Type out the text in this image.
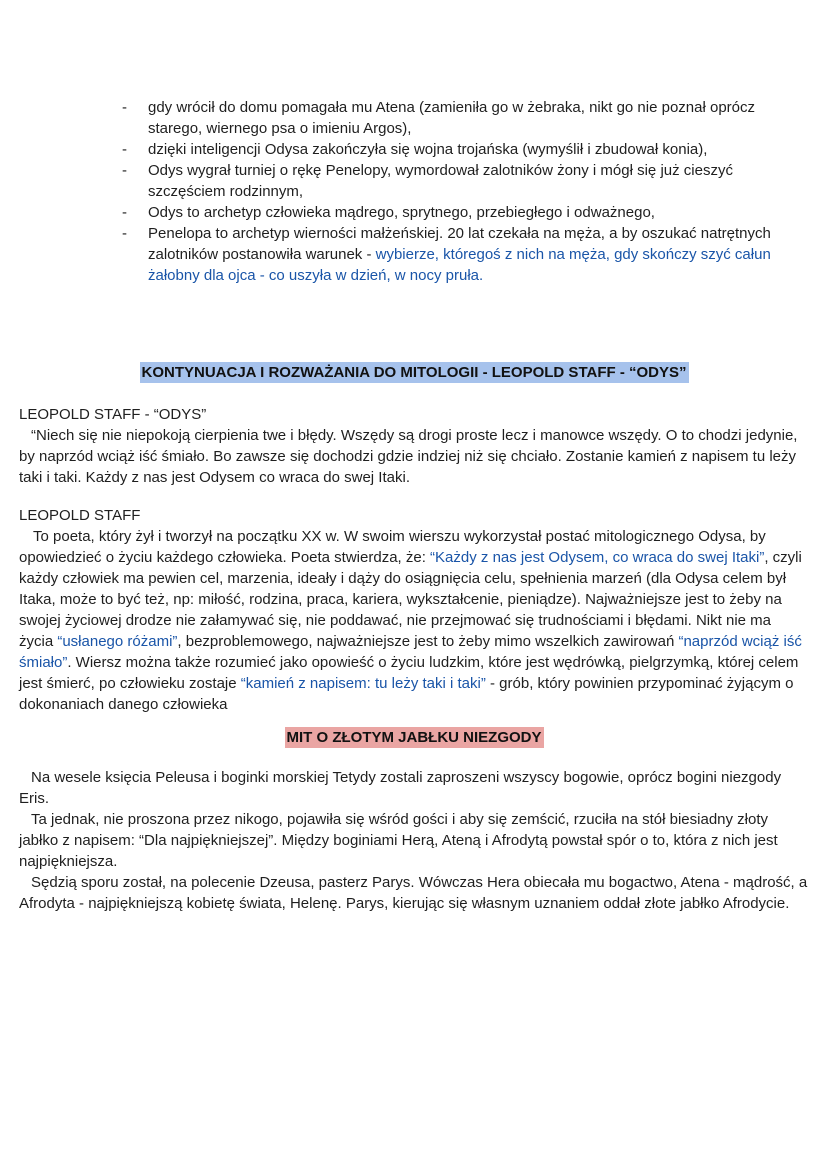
- gdy wrócił do domu pomagała mu Atena (zamieniła go w żebraka, nikt go nie poznał oprócz starego, wiernego psa o imieniu Argos),
- dzięki inteligencji Odysa zakończyła się wojna trojańska (wymyślił i zbudował konia),
- Odys wygrał turniej o rękę Penelopy, wymordował zalotników żony i mógł się już cieszyć szczęściem rodzinnym,
- Odys to archetyp człowieka mądrego, sprytnego, przebiegłego i odważnego,
- Penelopa to archetyp wierności małżeńskiej. 20 lat czekała na męża, a by oszukać natrętnych zalotników postanowiła warunek - wybierze, któregoś z nich na męża, gdy skończy szyć całun żałobny dla ojca - co uszyła w dzień, w nocy pruła.
KONTYNUACJA I ROZWAŻANIA DO MITOLOGII - LEOPOLD STAFF - “ODYS”

LEOPOLD STAFF - “ODYS”

“Niech się nie niepokoją cierpienia twe i błędy. Wszędy są drogi proste lecz i manowce wszędy. O to chodzi jedynie, by naprzód wciąż iść śmiało. Bo zawsze się dochodzi gdzie indziej niż się chciało. Zostanie kamień z napisem tu leży taki i taki. Każdy z nas jest Odysem co wraca do swej Itaki.

LEOPOLD STAFF

To poeta, który żył i tworzył na początku XX w. W swoim wierszu wykorzystał postać mitologicznego Odysa, by opowiedzieć o życiu każdego człowieka. Poeta stwierdza, że: “Każdy z nas jest Odysem, co wraca do swej Itaki”, czyli każdy człowiek ma pewien cel, marzenia, ideały i dąży do osiągnięcia celu, spełnienia marzeń (dla Odysa celem był Itaka, może to być też, np: miłość, rodzina, praca, kariera, wykształcenie, pieniądze). Najważniejsze jest to żeby na swojej życiowej drodze nie załamywać się, nie poddawać, nie przejmować się trudnościami i błędami. Nikt nie ma życia “usłanego różami”, bezproblemowego, najważniejsze jest to żeby mimo wszelkich zawirowań “naprzód wciąż iść śmiało”. Wiersz można także rozumieć jako opowieść o życiu ludzkim, które jest wędrówką, pielgrzymką, której celem jest śmierć, po człowieku zostaje “kamień z napisem: tu leży taki i taki” - grób, który powinien przypominać żyjącym o dokonaniach danego człowieka

MIT O ZŁOTYM JABŁKU NIEZGODY

Na wesele księcia Peleusa i boginki morskiej Tetydy zostali zaproszeni wszyscy bogowie, oprócz bogini niezgody Eris.

Ta jednak, nie proszona przez nikogo, pojawiła się wśród gości i aby się zemścić, rzuciła na stół biesiadny złoty jabłko z napisem: “Dla najpiękniejszej”. Między boginiami Herą, Ateną i Afrodytą powstał spór o to, która z nich jest najpiękniejsza.

Sędzią sporu został, na polecenie Dzeusa, pasterz Parys. Wówczas Hera obiecała mu bogactwo, Atena - mądrość, a Afrodyta - najpiękniejszą kobietę świata, Helenę. Parys, kierując się własnym uznaniem oddał złote jabłko Afrodycie.
